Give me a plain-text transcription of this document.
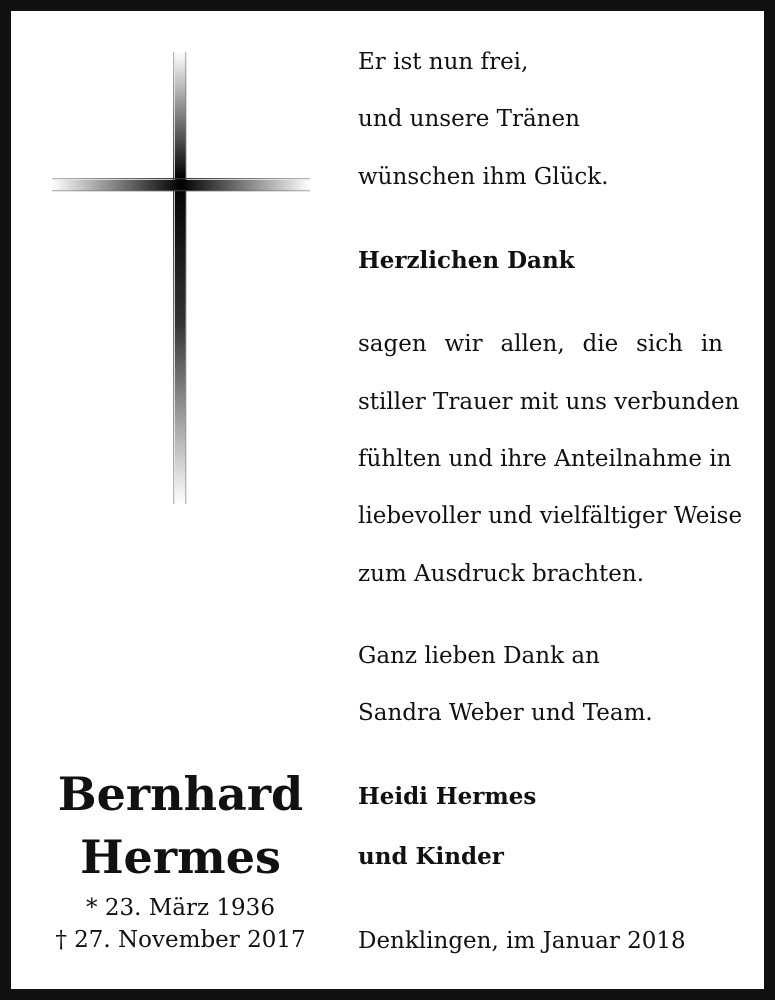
Er ist nun frei,
und unsere Tränen
wünschen ihm Glück.
Herzlichen Dank
sagen wir allen, die sich in
stiller Trauer mit uns verbunden
fühlten und ihre Anteilnahme in
liebevoller und vielfältiger Weise
zum Ausdruck brachten.
Ganz lieben Dank an
Sandra Weber und Team.
Heidi Hermes
und Kinder
Denklingen, im Januar 2018
Bernhard
Hermes
* 23. März 1936
† 27. November 2017
